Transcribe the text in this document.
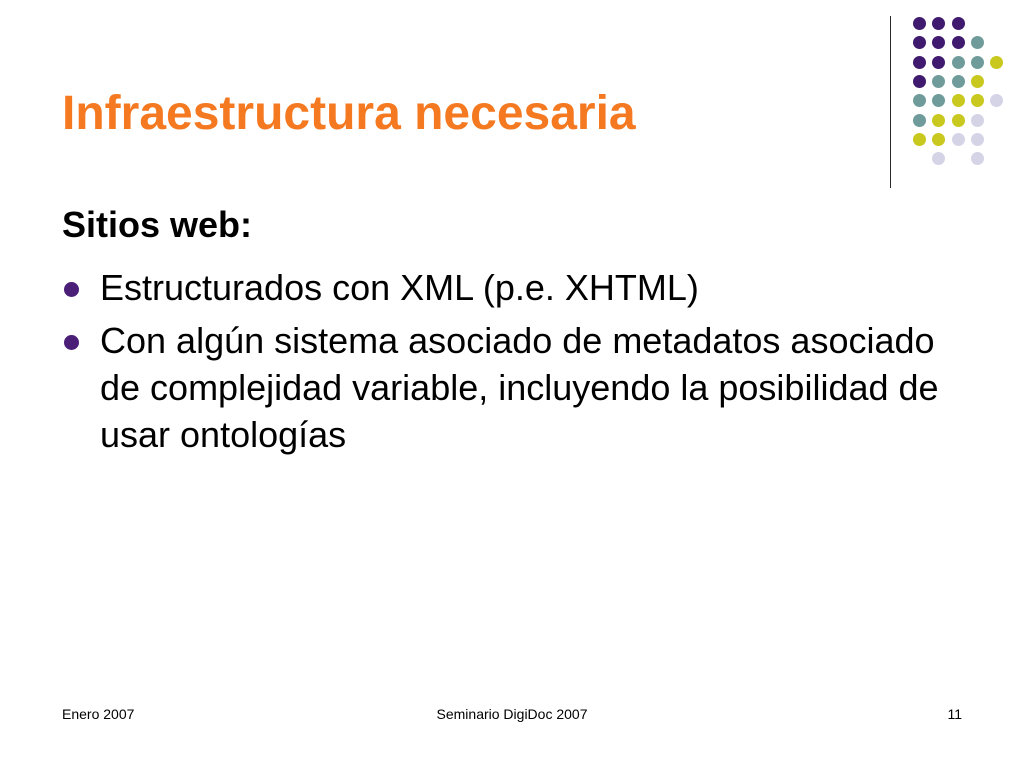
Infraestructura necesaria
Sitios web:
Estructurados con XML (p.e. XHTML)
Con algún sistema asociado de metadatos asociado de complejidad variable, incluyendo la posibilidad de usar ontologías
Enero 2007	Seminario DigiDoc 2007	11
